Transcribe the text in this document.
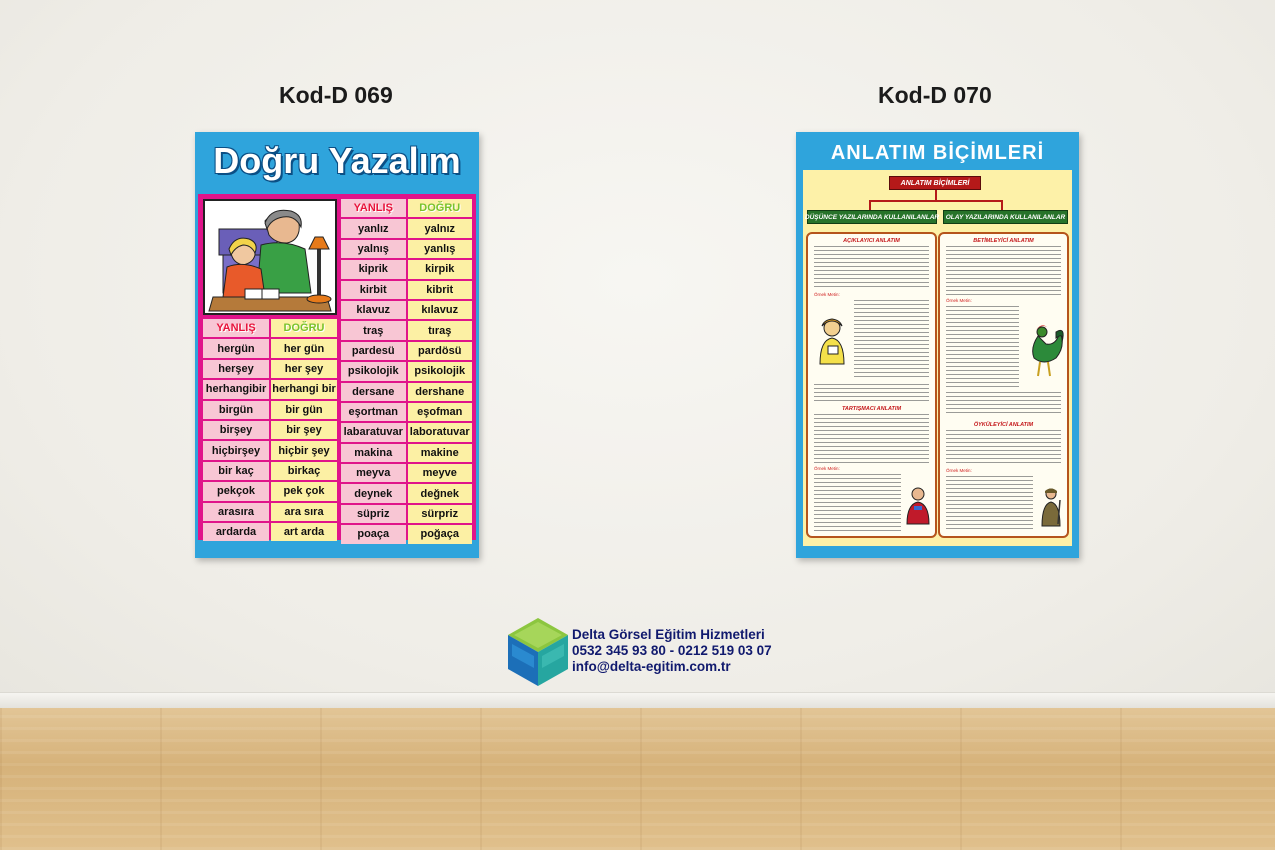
Kod-D 069	Kod-D 070
Doğru Yazalım
YANLIŞ	DOĞRU
yanlız	yalnız
yalnış	yanlış
kiprik	kirpik
kirbit	kibrit
klavuz	kılavuz
traş	tıraş
pardesü	pardösü
psikolojik	psikolojik
dersane	dershane
eşortman	eşofman
labaratuvar laboratuvar
makina	makine
meyva	meyve
deynek	değnek
süpriz	sürpriz
poaça	poğaça
YANLIŞ	DOĞRU
hergün	her gün
herşey	her şey
herhangibir herhangi bir
birgün	bir gün
birşey	bir şey
hiçbirşey	hiçbir şey
bir kaç	birkaç
pekçok	pek çok
arasıra	ara sıra
ardarda	art arda
ANLATIM BİÇİMLERİ
ANLATIM BİÇİMLERİ
DÜŞÜNCE YAZILARINDA KULLANILANLAR	OLAY YAZILARINDA KULLANILANLAR
AÇIKLAYICI ANLATIM
Örnek Metin:
TARTIŞMACI ANLATIM
Örnek Metin:
BETİMLEYİCİ ANLATIM
Örnek Metin:
ÖYKÜLEYİCİ ANLATIM
Örnek Metin:
Delta Görsel Eğitim Hizmetleri
0532 345 93 80 - 0212 519 03 07
info@delta-egitim.com.tr
